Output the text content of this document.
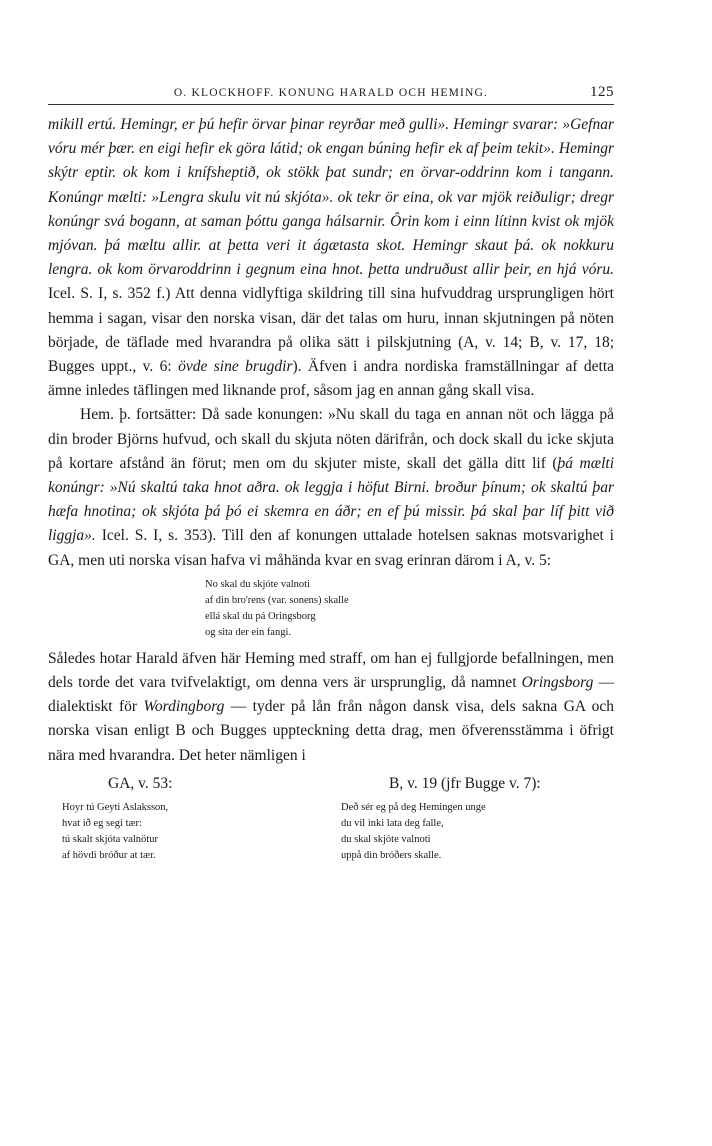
O. KLOCKHOFF. KONUNG HARALD OCH HEMING.	125

mikill ertú. Hemingr, er þú hefir örvar þinar reyrðar með gulli». Hemingr svarar: »Gefnar vóru mér þær. en eigi hefir ek göra látid; ok engan búning hefir ek af þeim tekit». Hemingr skýtr eptir. ok kom i knífsheptið, ok stökk þat sundr; en örvar-oddrinn kom i tangann. Konúngr mælti: »Lengra skulu vit nú skjóta». ok tekr ör eina, ok var mjök reiðuligr; dregr konúngr svá bogann, at saman þóttu ganga hálsarnir. Ôrin kom i einn lítinn kvist ok mjök mjóvan. þá mæltu allir. at þetta veri it ágætasta skot. Hemingr skaut þá. ok nokkuru lengra. ok kom örvaroddrinn i gegnum eina hnot. þetta undruðust allir þeir, en hjá vóru. Icel. S. I, s. 352 f.) Att denna vidlyftiga skildring till sina hufvuddrag ursprungligen hört hemma i sagan, visar den norska visan, där det talas om huru, innan skjutningen på nöten började, de täflade med hvarandra på olika sätt i pilskjutning (A, v. 14; B, v. 17, 18; Bugges uppt., v. 6: övde sine brugdir). Äfven i andra nordiska framställningar af detta ämne inledes täflingen med liknande prof, såsom jag en annan gång skall visa.

Hem. þ. fortsätter: Då sade konungen: »Nu skall du taga en annan nöt och lägga på din broder Björns hufvud, och skall du skjuta nöten därifrån, och dock skall du icke skjuta på kortare afstånd än förut; men om du skjuter miste, skall det gälla ditt lif (þá mælti konúngr: »Nú skaltú taka hnot aðra. ok leggja i höfut Birni. broður þínum; ok skaltú þar hæfa hnotina; ok skjóta þá þó ei skemra en áðr; en ef þú missir. þá skal þar líf þitt við liggja». Icel. S. I, s. 353). Till den af konungen uttalade hotelsen saknas motsvarighet i GA, men uti norska visan hafva vi måhända kvar en svag erinran därom i A, v. 5:

No skal du skjóte valnoti
af din bro'rens (var. sonens) skalle
ellá skal du pá Oringsborg
og sita der ein fangi.

Således hotar Harald äfven här Heming med straff, om han ej fullgjorde befallningen, men dels torde det vara tvifvelaktigt, om denna vers är ursprunglig, då namnet Oringsborg — dialektiskt för Wordingborg — tyder på lån från någon dansk visa, dels sakna GA och norska visan enligt B och Bugges uppteckning detta drag, men öfverensstämma i öfrigt nära med hvarandra. Det heter nämligen i

GA, v. 53:
Hoyr tú Geyti Aslaksson,
hvat ið eg segi tær:
tú skalt skjóta valnötur
af hövdi bróður at tær.
B, v. 19 (jfr Bugge v. 7):
Deð sér eg på deg Hemingen unge
du vil inki lata deg falle,
du skal skjóte valnoti
uppå din bróðers skalle.
